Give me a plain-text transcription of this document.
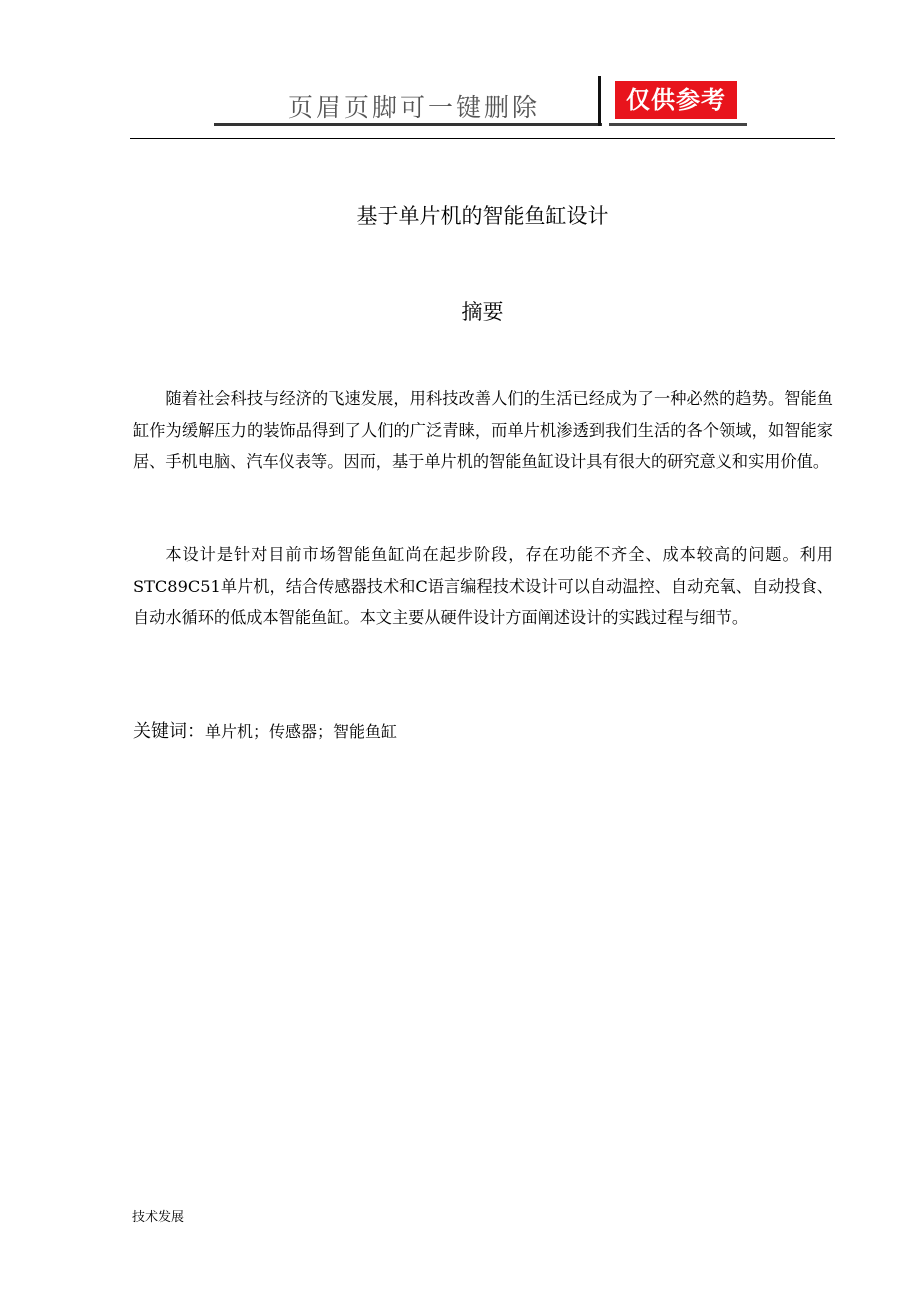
页眉页脚可一键删除	仅供参考
基于单片机的智能鱼缸设计
摘要

随着社会科技与经济的飞速发展，用科技改善人们的生活已经成为了一种必然的趋势。智能鱼缸作为缓解压力的装饰品得到了人们的广泛青睐，而单片机渗透到我们生活的各个领域，如智能家居、手机电脑、汽车仪表等。因而，基于单片机的智能鱼缸设计具有很大的研究意义和实用价值。

本设计是针对目前市场智能鱼缸尚在起步阶段，存在功能不齐全、成本较高的问题。利用STC89C51单片机，结合传感器技术和C语言编程技术设计可以自动温控、自动充氧、自动投食、自动水循环的低成本智能鱼缸。本文主要从硬件设计方面阐述设计的实践过程与细节。

关键词：单片机；传感器；智能鱼缸
技术发展
